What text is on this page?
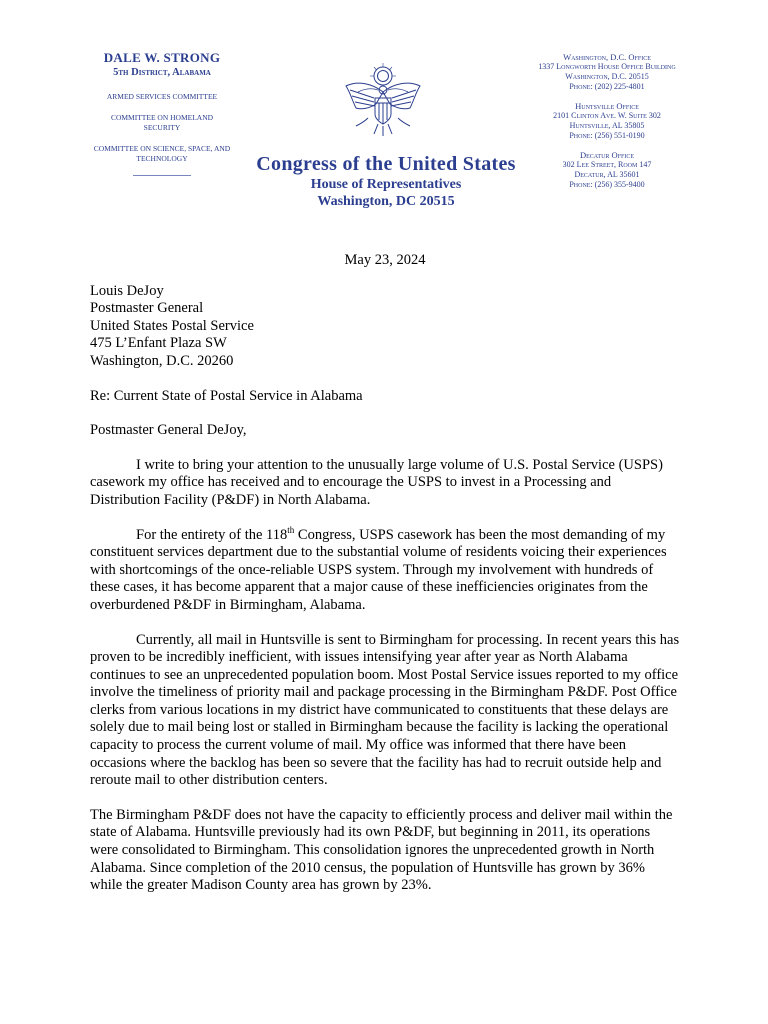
DALE W. STRONG
5th District, Alabama
ARMED SERVICES COMMITTEE
COMMITTEE ON HOMELAND SECURITY
COMMITTEE ON SCIENCE, SPACE, AND TECHNOLOGY	Congress of the United States
House of Representatives
Washington, DC 20515
Washington, D.C. Office
1337 Longworth House Office Building
Washington, D.C. 20515
Phone: (202) 225-4801
Huntsville Office
2101 Clinton Ave. W. Suite 302
Huntsville, AL 35805
Phone: (256) 551-0190
Decatur Office
302 Lee Street, Room 147
Decatur, AL 35601
Phone: (256) 355-9400
May 23, 2024
Louis DeJoy
Postmaster General
United States Postal Service
475 L’Enfant Plaza SW
Washington, D.C. 20260
Re: Current State of Postal Service in Alabama
Postmaster General DeJoy,

I write to bring your attention to the unusually large volume of U.S. Postal Service (USPS) casework my office has received and to encourage the USPS to invest in a Processing and Distribution Facility (P&DF) in North Alabama.

For the entirety of the 118th Congress, USPS casework has been the most demanding of my constituent services department due to the substantial volume of residents voicing their experiences with shortcomings of the once-reliable USPS system. Through my involvement with hundreds of these cases, it has become apparent that a major cause of these inefficiencies originates from the overburdened P&DF in Birmingham, Alabama.

Currently, all mail in Huntsville is sent to Birmingham for processing. In recent years this has proven to be incredibly inefficient, with issues intensifying year after year as North Alabama continues to see an unprecedented population boom. Most Postal Service issues reported to my office involve the timeliness of priority mail and package processing in the Birmingham P&DF. Post Office clerks from various locations in my district have communicated to constituents that these delays are solely due to mail being lost or stalled in Birmingham because the facility is lacking the operational capacity to process the current volume of mail. My office was informed that there have been occasions where the backlog has been so severe that the facility has had to recruit outside help and reroute mail to other distribution centers.

The Birmingham P&DF does not have the capacity to efficiently process and deliver mail within the state of Alabama. Huntsville previously had its own P&DF, but beginning in 2011, its operations were consolidated to Birmingham. This consolidation ignores the unprecedented growth in North Alabama. Since completion of the 2010 census, the population of Huntsville has grown by 36% while the greater Madison County area has grown by 23%.
